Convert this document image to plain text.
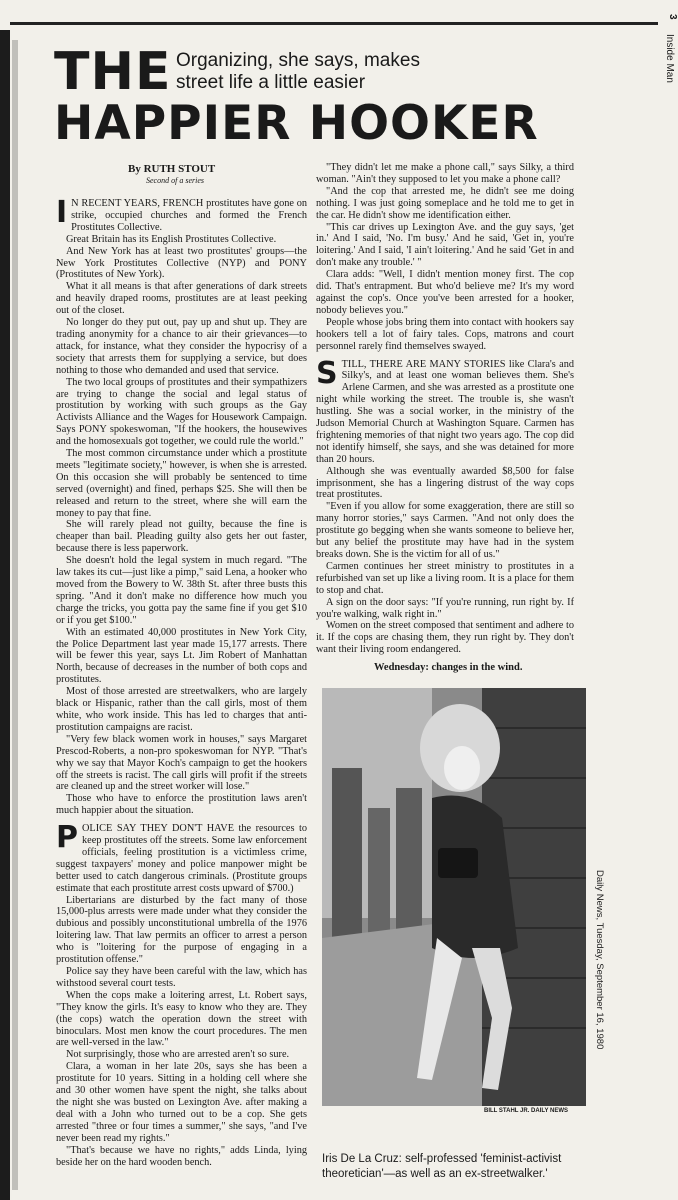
3
Inside Man
THE Organizing, she says, makes street life a little easier
HAPPIER HOOKER
By RUTH STOUT
Second of a series

I N RECENT YEARS, FRENCH prostitutes have gone on strike, occupied churches and formed the French Prostitutes Collective.

Great Britain has its English Prostitutes Collective.

And New York has at least two prostitutes' groups—the New York Prostitutes Collective (NYP) and PONY (Prostitutes of New York).

What it all means is that after generations of dark streets and heavily draped rooms, prostitutes are at least peeking out of the closet.

No longer do they put out, pay up and shut up. They are trading anonymity for a chance to air their grievances—to attack, for instance, what they consider the hypocrisy of a society that arrests them for supplying a service, but does nothing to those who demanded and used that service.

The two local groups of prostitutes and their sympathizers are trying to change the social and legal status of prostitution by working with such groups as the Gay Activists Alliance and the Wages for Housework Campaign. Says PONY spokeswoman, "If the hookers, the housewives and the homosexuals got together, we could rule the world."

The most common circumstance under which a prostitute meets "legitimate society," however, is when she is arrested. On this occasion she will probably be sentenced to time served (overnight) and fined, perhaps $25. She will then be released and return to the street, where she will earn the money to pay that fine.

She will rarely plead not guilty, because the fine is cheaper than bail. Pleading guilty also gets her out faster, because there is less paperwork.

She doesn't hold the legal system in much regard. "The law takes its cut—just like a pimp," said Lena, a hooker who moved from the Bowery to W. 38th St. after three busts this spring. "And it don't make no difference how much you charge the tricks, you gotta pay the same fine if you get $10 or if you get $100."

With an estimated 40,000 prostitutes in New York City, the Police Department last year made 15,177 arrests. There will be fewer this year, says Lt. Jim Robert of Manhattan North, because of decreases in the number of both cops and prostitutes.

Most of those arrested are streetwalkers, who are largely black or Hispanic, rather than the call girls, most of them white, who work inside. This has led to charges that anti-prostitution campaigns are racist.

"Very few black women work in houses," says Margaret Prescod-Roberts, a non-pro spokeswoman for NYP. "That's why we say that Mayor Koch's campaign to get the hookers off the streets is racist. The call girls will profit if the streets are cleaned up and the street worker will lose."

Those who have to enforce the prostitution laws aren't much happier about the situation.

POLICE SAY THEY DON'T HAVE the resources to keep prostitutes off the streets. Some law enforcement officials, feeling prostitution is a victimless crime, suggest taxpayers' money and police manpower might be better used to catch dangerous criminals. (Prostitute groups estimate that each prostitute arrest costs upward of $700.)

Libertarians are disturbed by the fact many of those 15,000-plus arrests were made under what they consider the dubious and possibly unconstitutional umbrella of the 1976 loitering law. That law permits an officer to arrest a person who is "loitering for the purpose of engaging in a prostitution offense."

Police say they have been careful with the law, which has withstood several court tests.

When the cops make a loitering arrest, Lt. Robert says, "They know the girls. It's easy to know who they are. They (the cops) watch the operation down the street with binoculars. Most men know the court procedures. The men are well-versed in the law."

Not surprisingly, those who are arrested aren't so sure.

Clara, a woman in her late 20s, says she has been a prostitute for 10 years. Sitting in a holding cell where she and 30 other women have spent the night, she talks about the night she was busted on Lexington Ave. after making a deal with a John who turned out to be a cop. She gets arrested "three or four times a summer," she says, "and I've never been read my rights."

"That's because we have no rights," adds Linda, lying beside her on the hard wooden bench.

"They didn't let me make a phone call," says Silky, a third woman. "Ain't they supposed to let you make a phone call?

"And the cop that arrested me, he didn't see me doing nothing. I was just going someplace and he told me to get in the car. He didn't show me identification either.

"This car drives up Lexington Ave. and the guy says, 'get in.' And I said, 'No. I'm busy.' And he said, 'Get in, you're loitering.' And I said, 'I ain't loitering.' And he said 'Get in and don't make any trouble.' "

Clara adds: "Well, I didn't mention money first. The cop did. That's entrapment. But who'd believe me? It's my word against the cop's. Once you've been arrested for a hooker, nobody believes you."

People whose jobs bring them into contact with hookers say hookers tell a lot of fairy tales. Cops, matrons and court personnel rarely find themselves swayed.

STILL, THERE ARE MANY STORIES like Clara's and Silky's, and at least one woman believes them. She's Arlene Carmen, and she was arrested as a prostitute one night while working the street. The trouble is, she wasn't hustling. She was a social worker, in the ministry of the Judson Memorial Church at Washington Square. Carmen has frightening memories of that night two years ago. The cop did not identify himself, she says, and she was detained for more than 20 hours.

Although she was eventually awarded $8,500 for false imprisonment, she has a lingering distrust of the way cops treat prostitutes.

"Even if you allow for some exaggeration, there are still so many horror stories," says Carmen. "And not only does the prostitute go begging when she wants someone to believe her, but any belief the prostitute may have had in the system breaks down. She is the victim for all of us."

Carmen continues her street ministry to prostitutes in a refurbished van set up like a living room. It is a place for them to stop and chat.

A sign on the door says: "If you're running, run right by. If you're walking, walk right in."

Women on the street composed that sentiment and adhere to it. If the cops are chasing them, they run right by. They don't want their living room endangered.

Wednesday: changes in the wind.
Daily News, Tuesday, September 16, 1980
BILL STAHL JR. DAILY NEWS
Iris De La Cruz: self-professed 'feminist-activist theoretician'—as well as an ex-streetwalker.'
